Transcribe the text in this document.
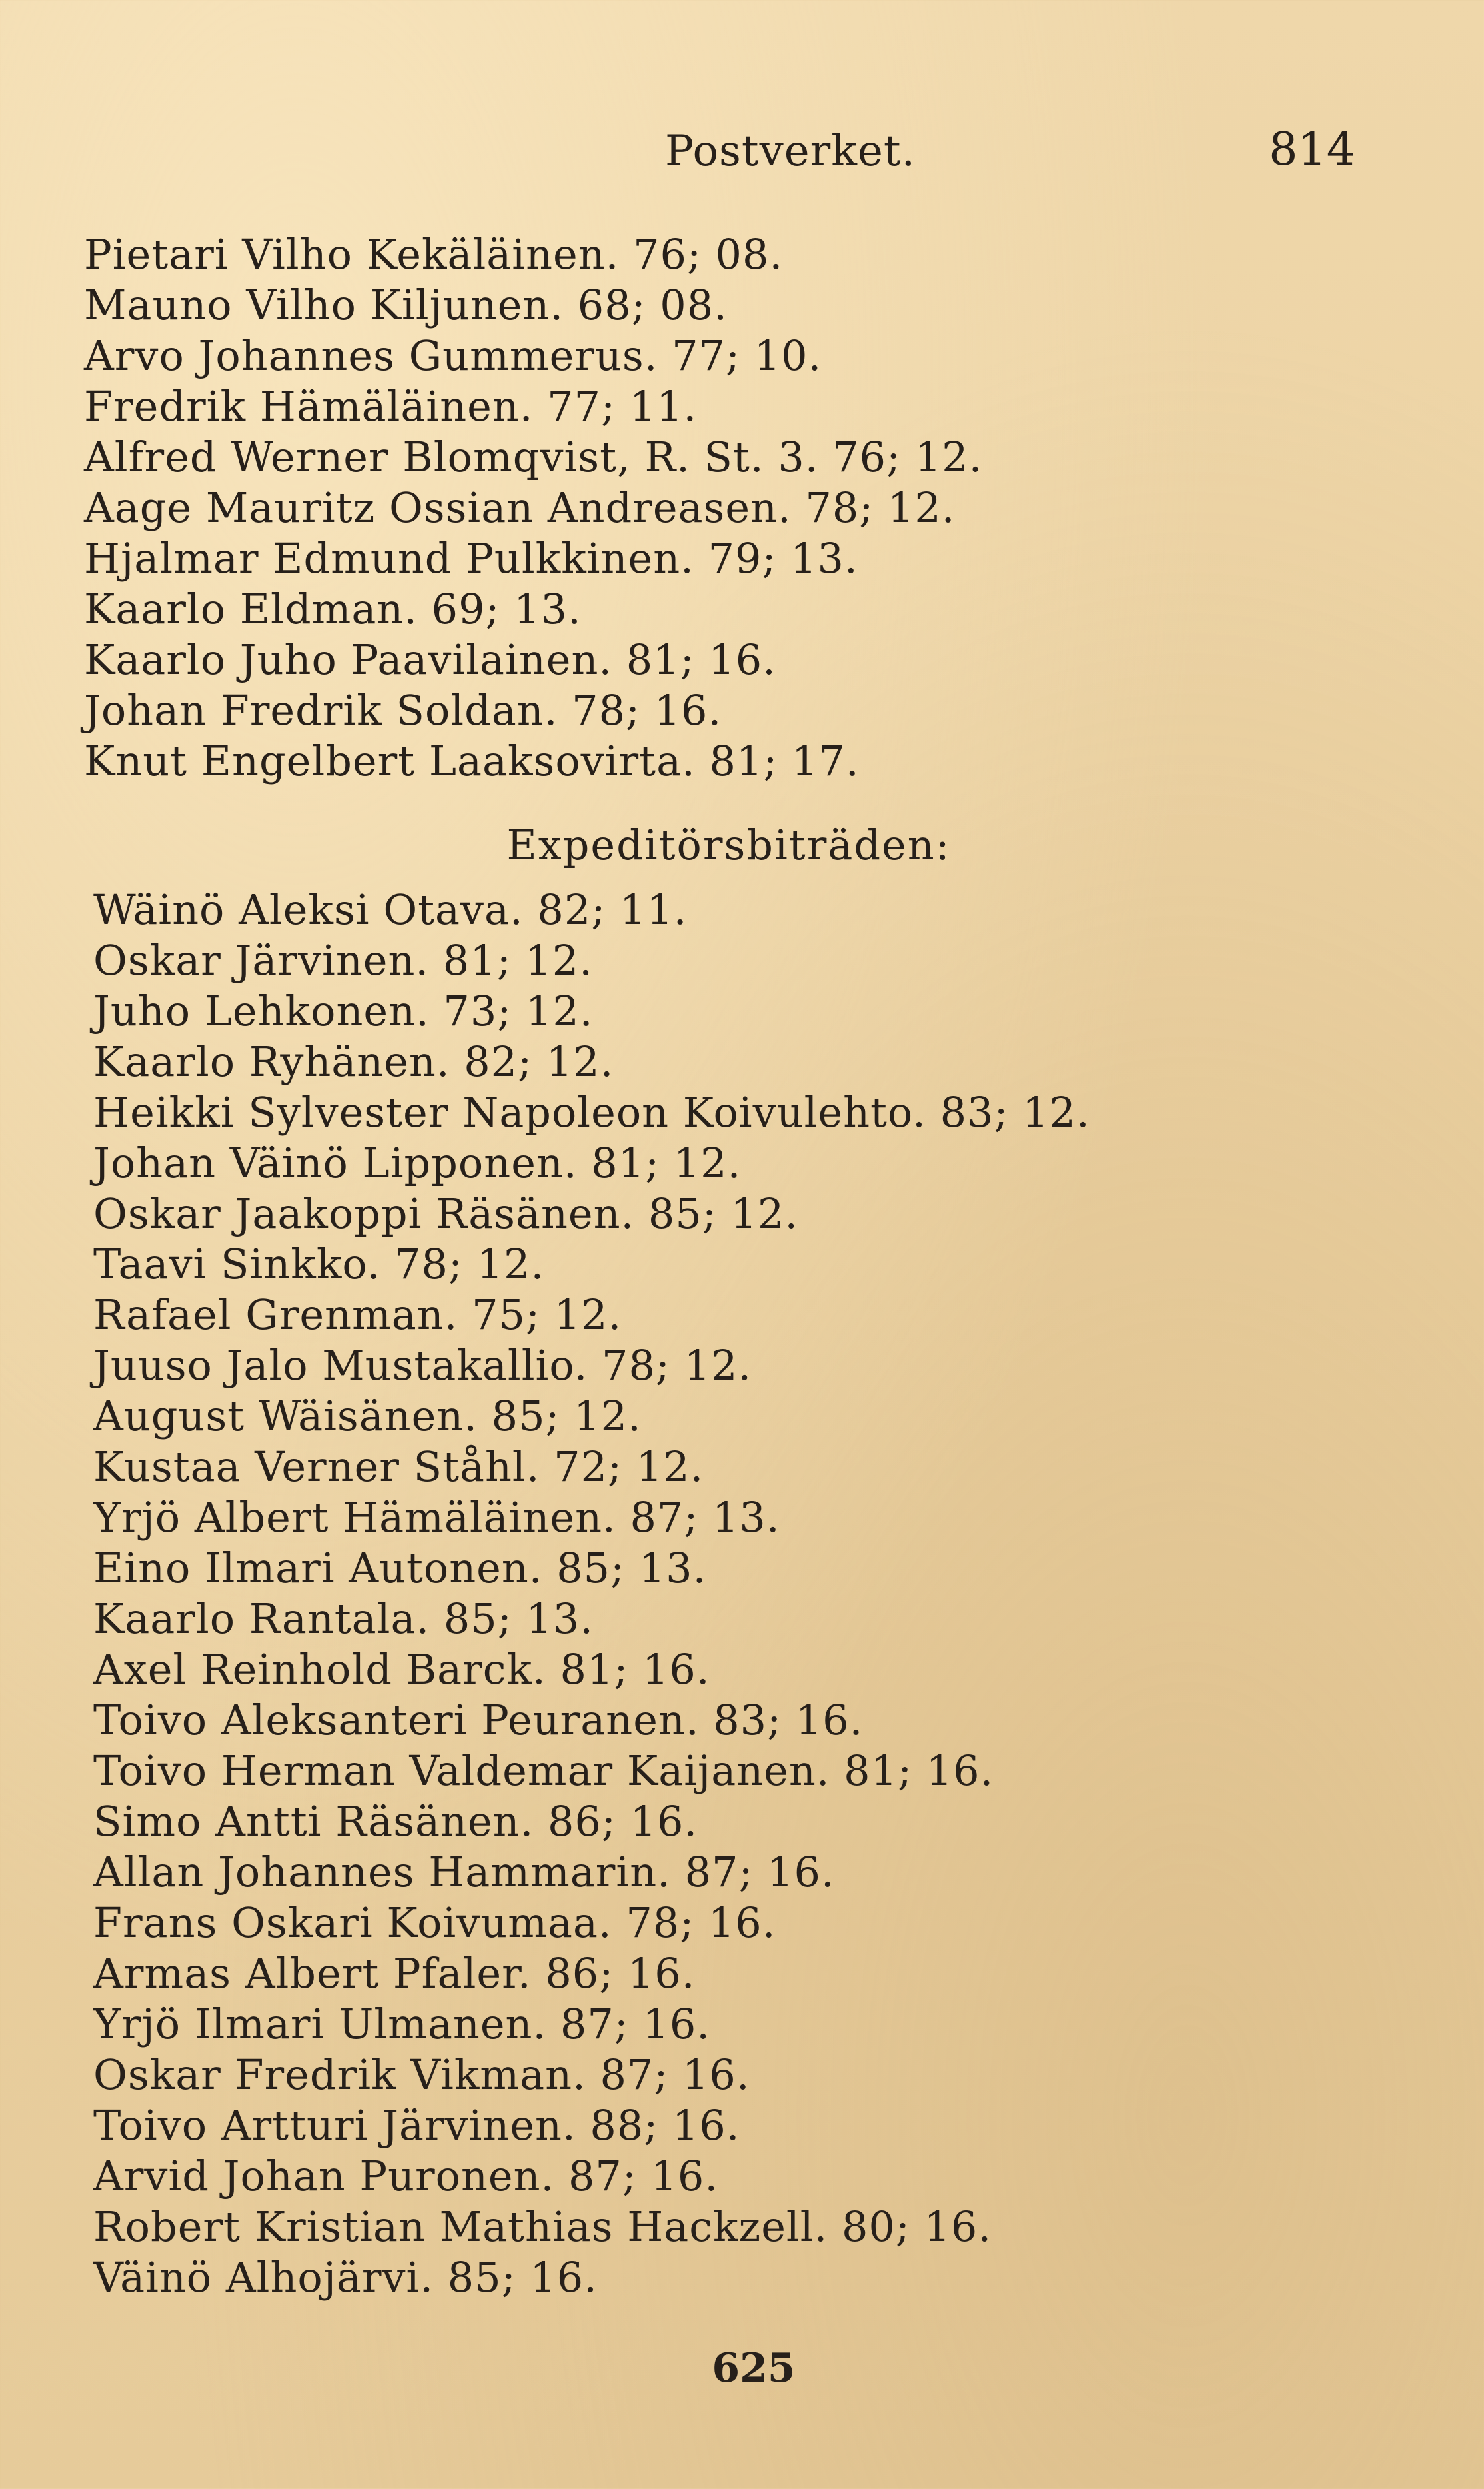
Postverket.	814
Pietari Vilho Kekäläinen. 76; 08.
Mauno Vilho Kiljunen. 68; 08.
Arvo Johannes Gummerus. 77; 10.
Fredrik Hämäläinen. 77; 11.
Alfred Werner Blomqvist, R. St. 3. 76; 12.
Aage Mauritz Ossian Andreasen. 78; 12.
Hjalmar Edmund Pulkkinen. 79; 13.
Kaarlo Eldman. 69; 13.
Kaarlo Juho Paavilainen. 81; 16.
Johan Fredrik Soldan. 78; 16.
Knut Engelbert Laaksovirta. 81; 17.
Expeditörsbiträden:
Wäinö Aleksi Otava. 82; 11.
Oskar Järvinen. 81; 12.
Juho Lehkonen. 73; 12.
Kaarlo Ryhänen. 82; 12.
Heikki Sylvester Napoleon Koivulehto. 83; 12.
Johan Väinö Lipponen. 81; 12.
Oskar Jaakoppi Räsänen. 85; 12.
Taavi Sinkko. 78; 12.
Rafael Grenman. 75; 12.
Juuso Jalo Mustakallio. 78; 12.
August Wäisänen. 85; 12.
Kustaa Verner Ståhl. 72; 12.
Yrjö Albert Hämäläinen. 87; 13.
Eino Ilmari Autonen. 85; 13.
Kaarlo Rantala. 85; 13.
Axel Reinhold Barck. 81; 16.
Toivo Aleksanteri Peuranen. 83; 16.
Toivo Herman Valdemar Kaijanen. 81; 16.
Simo Antti Räsänen. 86; 16.
Allan Johannes Hammarin. 87; 16.
Frans Oskari Koivumaa. 78; 16.
Armas Albert Pfaler. 86; 16.
Yrjö Ilmari Ulmanen. 87; 16.
Oskar Fredrik Vikman. 87; 16.
Toivo Artturi Järvinen. 88; 16.
Arvid Johan Puronen. 87; 16.
Robert Kristian Mathias Hackzell. 80; 16.
Väinö Alhojärvi. 85; 16.
625
